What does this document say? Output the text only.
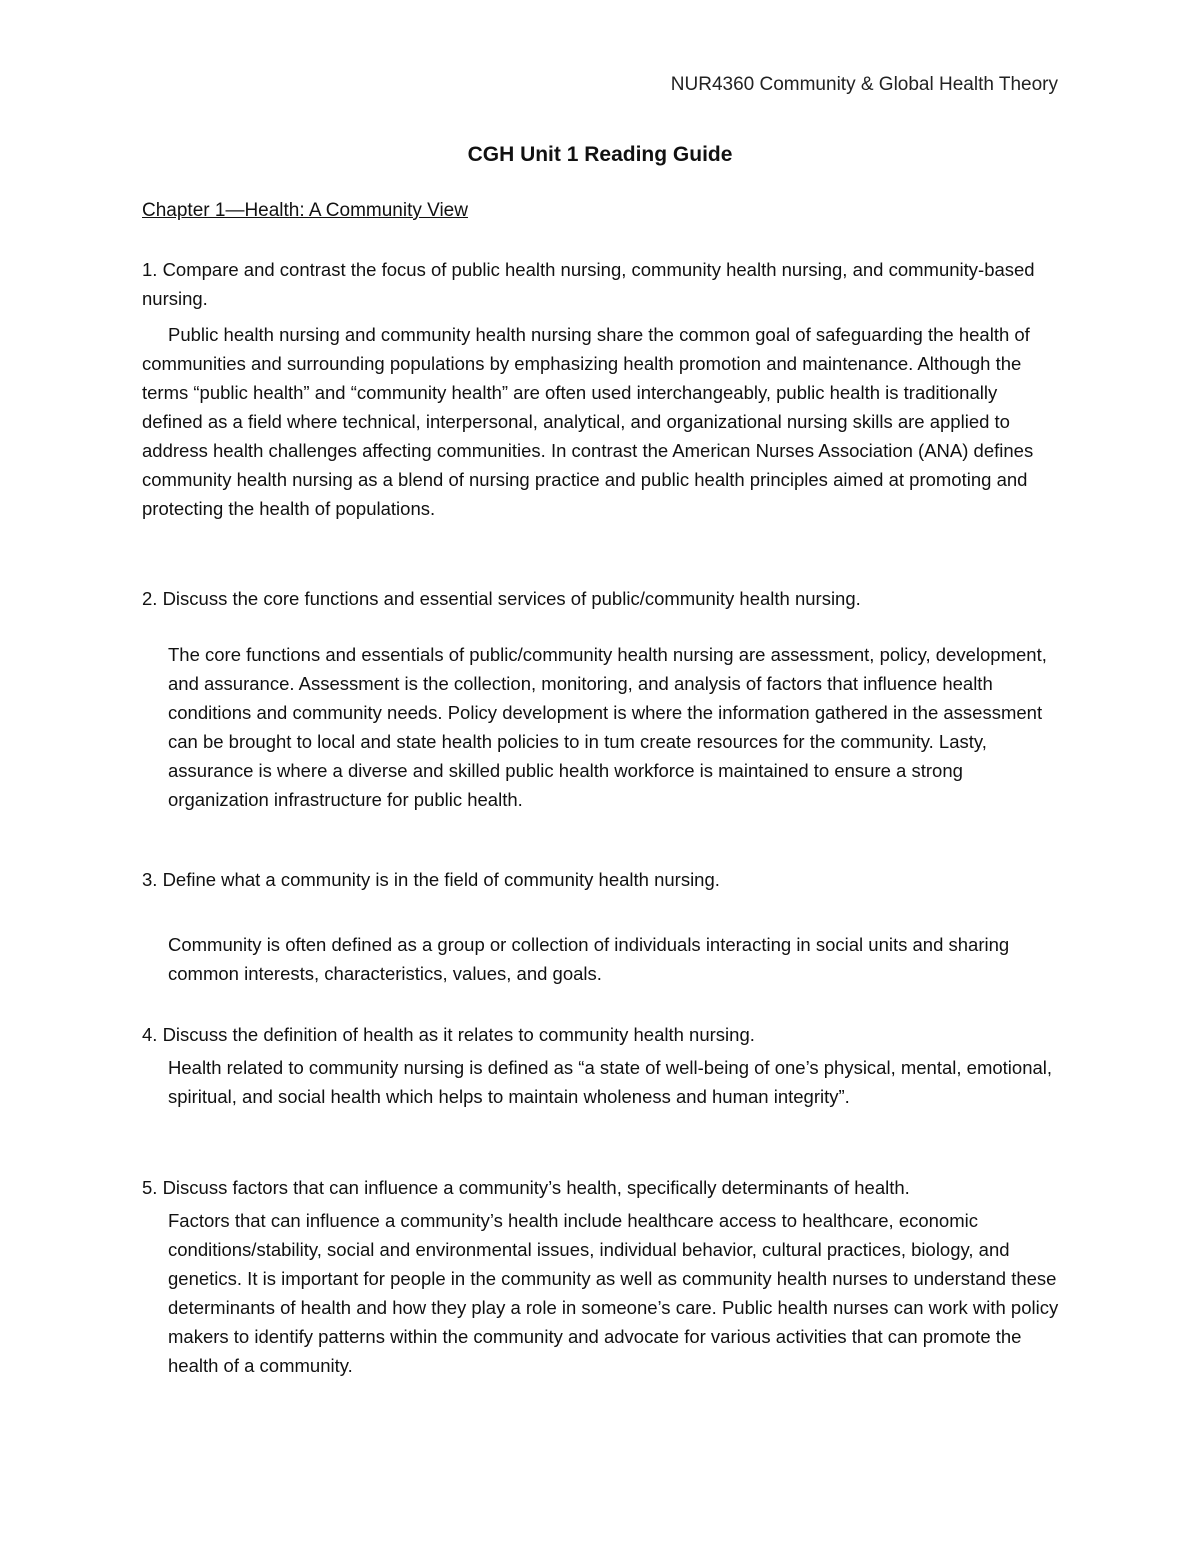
NUR4360 Community & Global Health Theory
CGH Unit 1 Reading Guide
Chapter 1—Health: A Community View
1. Compare and contrast the focus of public health nursing, community health nursing, and community-based nursing.
Public health nursing and community health nursing share the common goal of safeguarding the health of communities and surrounding populations by emphasizing health promotion and maintenance. Although the terms “public health” and “community health” are often used interchangeably, public health is traditionally defined as a field where technical, interpersonal, analytical, and organizational nursing skills are applied to address health challenges affecting communities. In contrast the American Nurses Association (ANA) defines community health nursing as a blend of nursing practice and public health principles aimed at promoting and protecting the health of populations.
2. Discuss the core functions and essential services of public/community health nursing.
The core functions and essentials of public/community health nursing are assessment, policy, development, and assurance. Assessment is the collection, monitoring, and analysis of factors that influence health conditions and community needs. Policy development is where the information gathered in the assessment can be brought to local and state health policies to in tum create resources for the community. Lasty, assurance is where a diverse and skilled public health workforce is maintained to ensure a strong organization infrastructure for public health.
3. Define what a community is in the field of community health nursing.
Community is often defined as a group or collection of individuals interacting in social units and sharing common interests, characteristics, values, and goals.
4. Discuss the definition of health as it relates to community health nursing.
Health related to community nursing is defined as “a state of well-being of one’s physical, mental, emotional, spiritual, and social health which helps to maintain wholeness and human integrity”.
5. Discuss factors that can influence a community’s health, specifically determinants of health.
Factors that can influence a community’s health include healthcare access to healthcare, economic conditions/stability, social and environmental issues, individual behavior, cultural practices, biology, and genetics. It is important for people in the community as well as community health nurses to understand these determinants of health and how they play a role in someone’s care. Public health nurses can work with policy makers to identify patterns within the community and advocate for various activities that can promote the health of a community.
